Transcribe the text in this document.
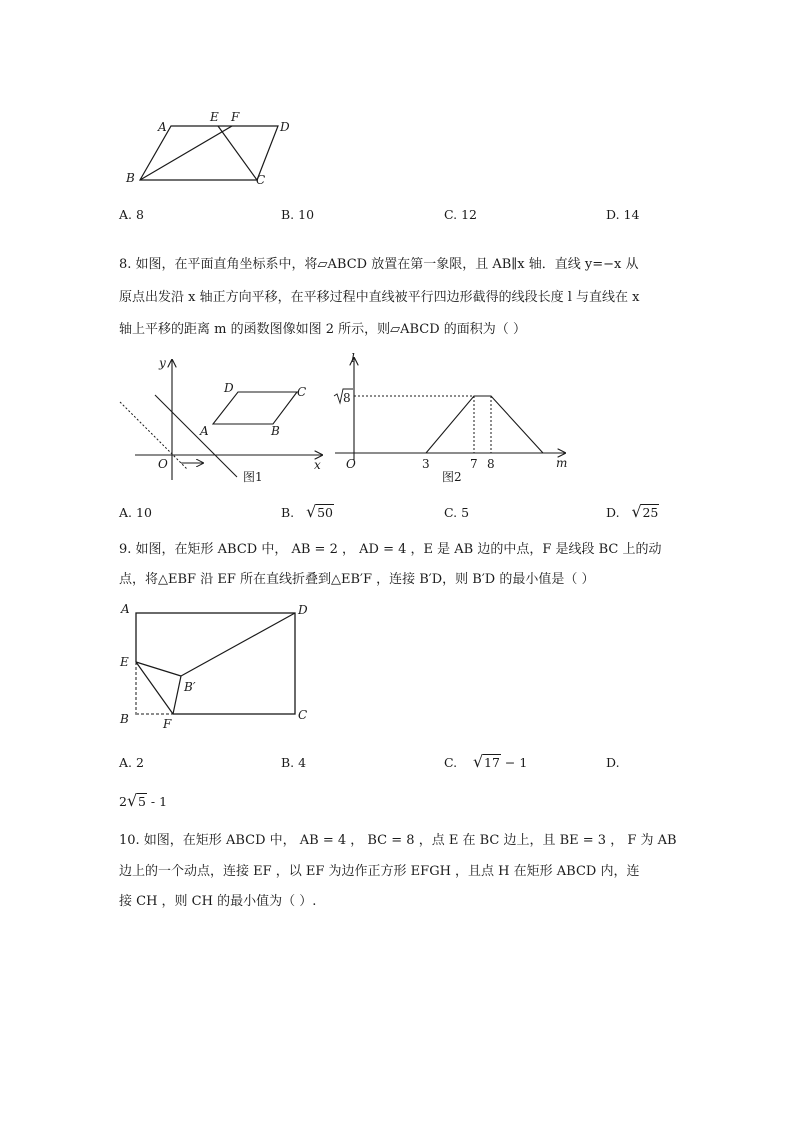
A
E F
D
B	C
A. 8	B. 10	C. 12	D. 14
8. 如图，在平面直角坐标系中，将▱ABCD 放置在第一象限，且 AB∥x 轴．直线 y=−x 从
原点出发沿 x 轴正方向平移，在平移过程中直线被平行四边形截得的线段长度 l 与直线在 x
轴上平移的距离 m 的函数图像如图 2 所示，则▱ABCD 的面积为（ ）
y
x
O
A	B
C
D
图1
l
m
O
8
3	7 8
图2
A. 10	B. √ 50	C. 5	D. √ 25
9. 如图，在矩形 ABCD 中， AB = 2 ， AD = 4 ，E 是 AB 边的中点，F 是线段 BC 上的动
点，将△EBF 沿 EF 所在直线折叠到△EB′F ，连接 B′D，则 B′D 的最小值是（ ）
A	D
E
B′
B	F
C
A. 2	B. 4	C. √ 17 − 1	D.
2 √ 5 - 1
10. 如图，在矩形 ABCD 中， AB = 4 ， BC = 8 ，点 E 在 BC 边上，且 BE = 3 ， F 为 AB
边上的一个动点，连接 EF ，以 EF 为边作正方形 EFGH ，且点 H 在矩形 ABCD 内，连
接 CH ，则 CH 的最小值为（ ）.
